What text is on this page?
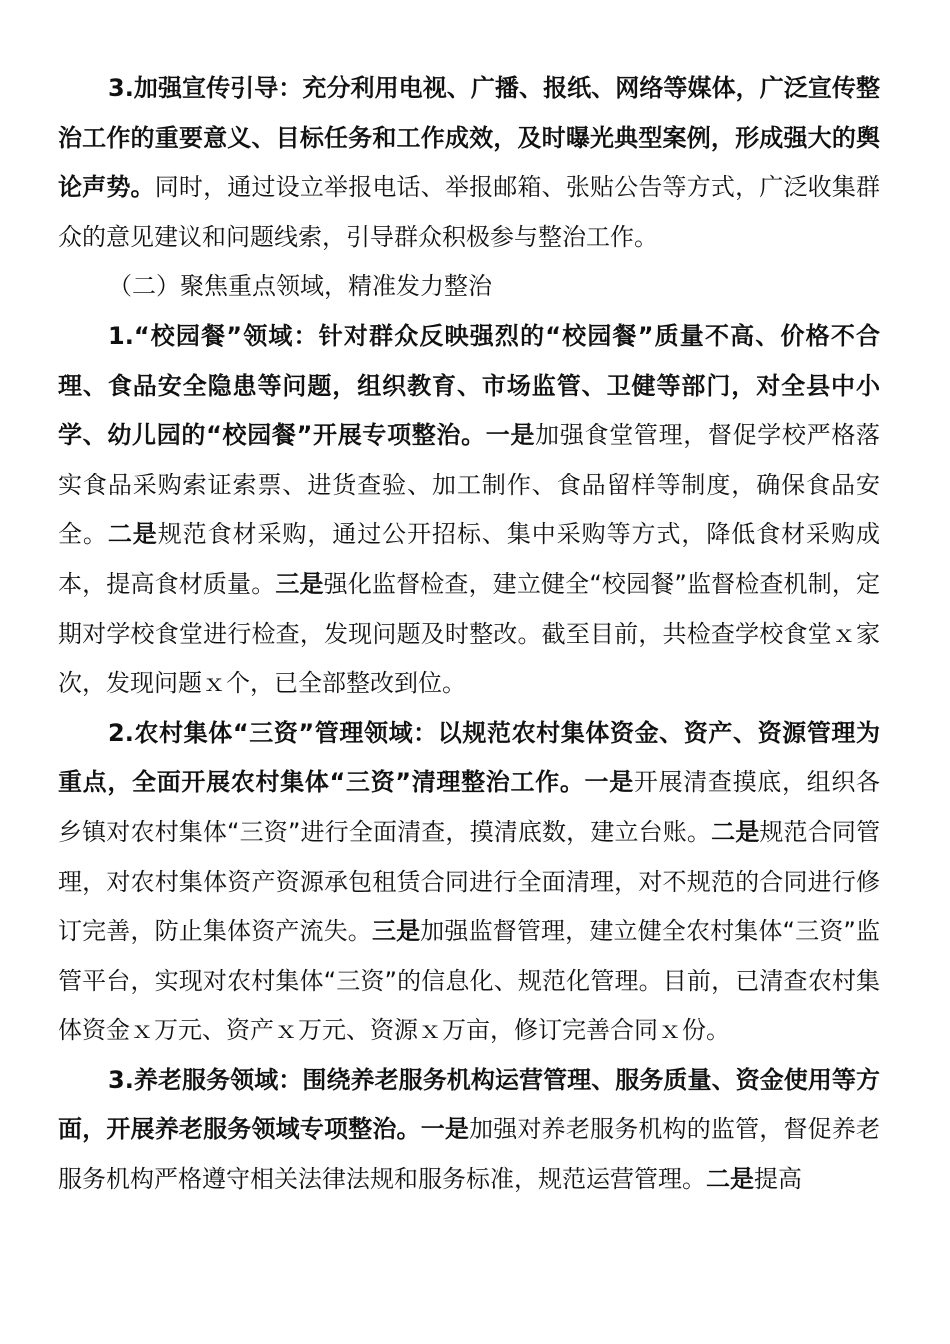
3.加强宣传引导：充分利用电视、广播、报纸、网络等媒体，广泛宣传整治工作的重要意义、目标任务和工作成效，及时曝光典型案例，形成强大的舆论声势。同时，通过设立举报电话、举报邮箱、张贴公告等方式，广泛收集群众的意见建议和问题线索，引导群众积极参与整治工作。

（二）聚焦重点领域，精准发力整治

1.“校园餐”领域：针对群众反映强烈的“校园餐”质量不高、价格不合理、食品安全隐患等问题，组织教育、市场监管、卫健等部门，对全县中小学、幼儿园的“校园餐”开展专项整治。一是加强食堂管理，督促学校严格落实食品采购索证索票、进货查验、加工制作、食品留样等制度，确保食品安全。二是规范食材采购，通过公开招标、集中采购等方式，降低食材采购成本，提高食材质量。三是强化监督检查，建立健全“校园餐”监督检查机制，定期对学校食堂进行检查，发现问题及时整改。截至目前，共检查学校食堂ｘ家次，发现问题ｘ个，已全部整改到位。

2.农村集体“三资”管理领域：以规范农村集体资金、资产、资源管理为重点，全面开展农村集体“三资”清理整治工作。一是开展清查摸底，组织各乡镇对农村集体“三资”进行全面清查，摸清底数，建立台账。二是规范合同管理，对农村集体资产资源承包租赁合同进行全面清理，对不规范的合同进行修订完善，防止集体资产流失。三是加强监督管理，建立健全农村集体“三资”监管平台，实现对农村集体“三资”的信息化、规范化管理。目前，已清查农村集体资金ｘ万元、资产ｘ万元、资源ｘ万亩，修订完善合同ｘ份。

3.养老服务领域：围绕养老服务机构运营管理、服务质量、资金使用等方面，开展养老服务领域专项整治。一是加强对养老服务机构的监管，督促养老服务机构严格遵守相关法律法规和服务标准，规范运营管理。二是提高
